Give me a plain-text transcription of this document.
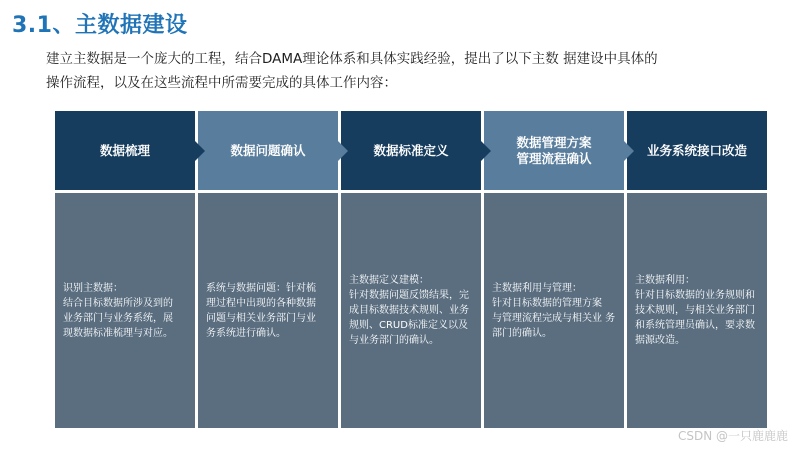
3.1、主数据建设
建立主数据是一个庞大的工程，结合DAMA理论体系和具体实践经验，提出了以下主数 据建设中具体的
操作流程，以及在这些流程中所需要完成的具体工作内容：
数据梳理
识别主数据：
结合目标数据所涉及到的　业务部门与业务系统，展　现数据标准梳理与对应。
数据问题确认
系统与数据问题：针对梳　理过程中出现的各种数据　问题与相关业务部门与业　务系统进行确认。
数据标准定义
主数据定义建模：
针对数据问题反馈结果，完成目标数据技术规则、业务　规则、CRUD标准定义以及 与业务部门的确认。
数据管理方案
管理流程确认
主数据利用与管理：
针对目标数据的管理方案　与管理流程完成与相关业 务部门的确认。
业务系统接口改造
主数据利用：
针对目标数据的业务规则和技术规则，与相关业务部门和系统管理员确认，要求数据源改造。
CSDN @一只鹿鹿鹿
